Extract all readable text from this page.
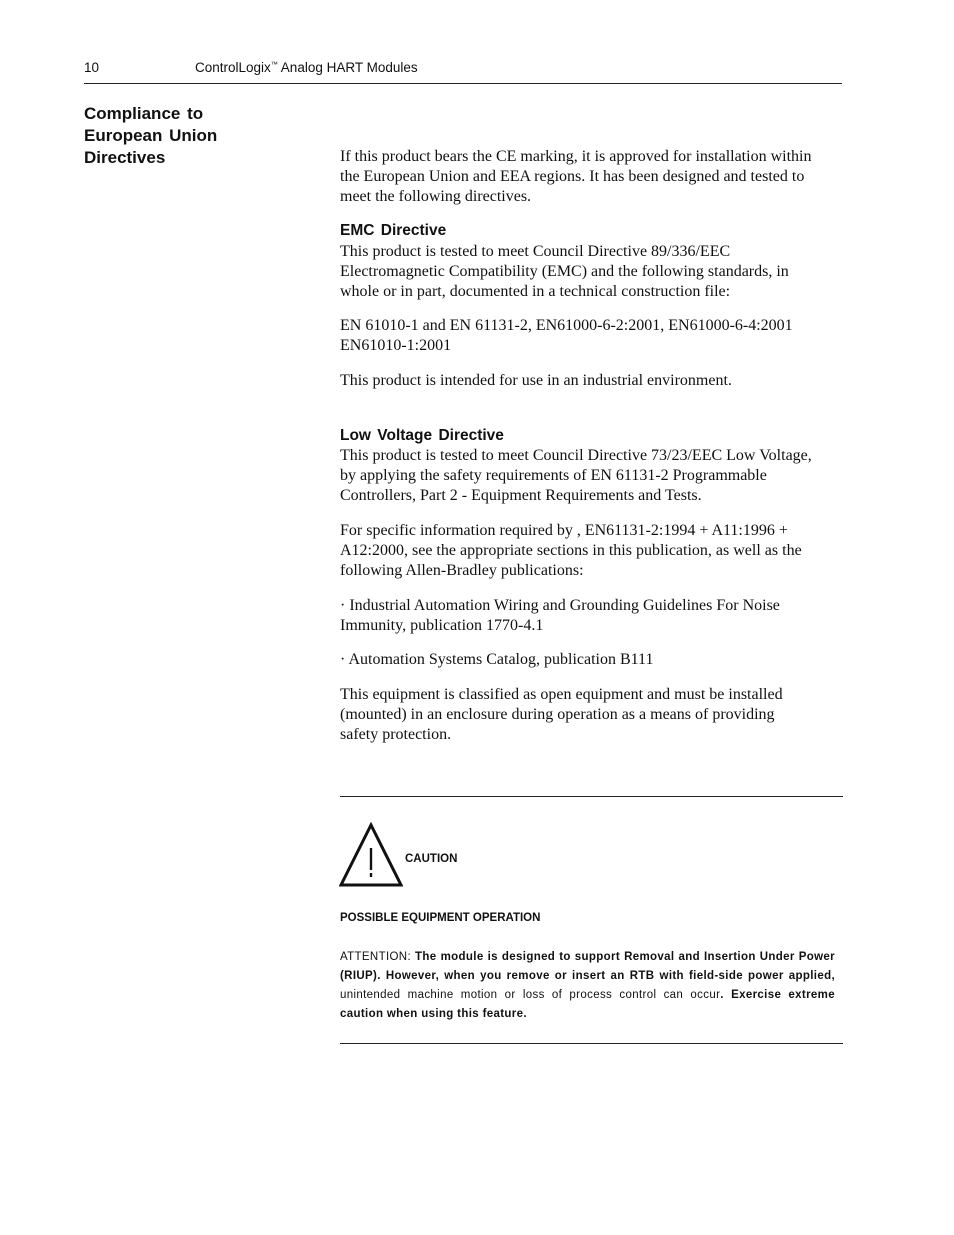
10	ControlLogix™ Analog HART Modules
Compliance to
European Union
Directives	If this product bears the CE marking, it is approved for installation within
the European Union and EEA regions. It has been designed and tested to
meet the following directives.

EMC Directive

This product is tested to meet Council Directive 89/336/EEC
Electromagnetic Compatibility (EMC) and the following standards, in
whole or in part, documented in a technical construction file:

EN 61010-1 and EN 61131-2, EN61000-6-2:2001, EN61000-6-4:2001
EN61010-1:2001

This product is intended for use in an industrial environment.

Low Voltage Directive

This product is tested to meet Council Directive 73/23/EEC Low Voltage,
by applying the safety requirements of EN 61131-2 Programmable
Controllers, Part 2 - Equipment Requirements and Tests.

For specific information required by , EN61131-2:1994 + A11:1996 +
A12:2000, see the appropriate sections in this publication, as well as the
following Allen-Bradley publications:

· Industrial Automation Wiring and Grounding Guidelines For Noise
Immunity, publication 1770-4.1

· Automation Systems Catalog, publication B111

This equipment is classified as open equipment and must be installed
(mounted) in an enclosure during operation as a means of providing
safety protection.

CAUTION
POSSIBLE EQUIPMENT OPERATION

ATTENTION: The module is designed to support Removal and Insertion Under Power (RIUP). However, when you remove or insert an RTB with field-side power applied, unintended machine motion or loss of process control can occur. Exercise extreme caution when using this feature.
